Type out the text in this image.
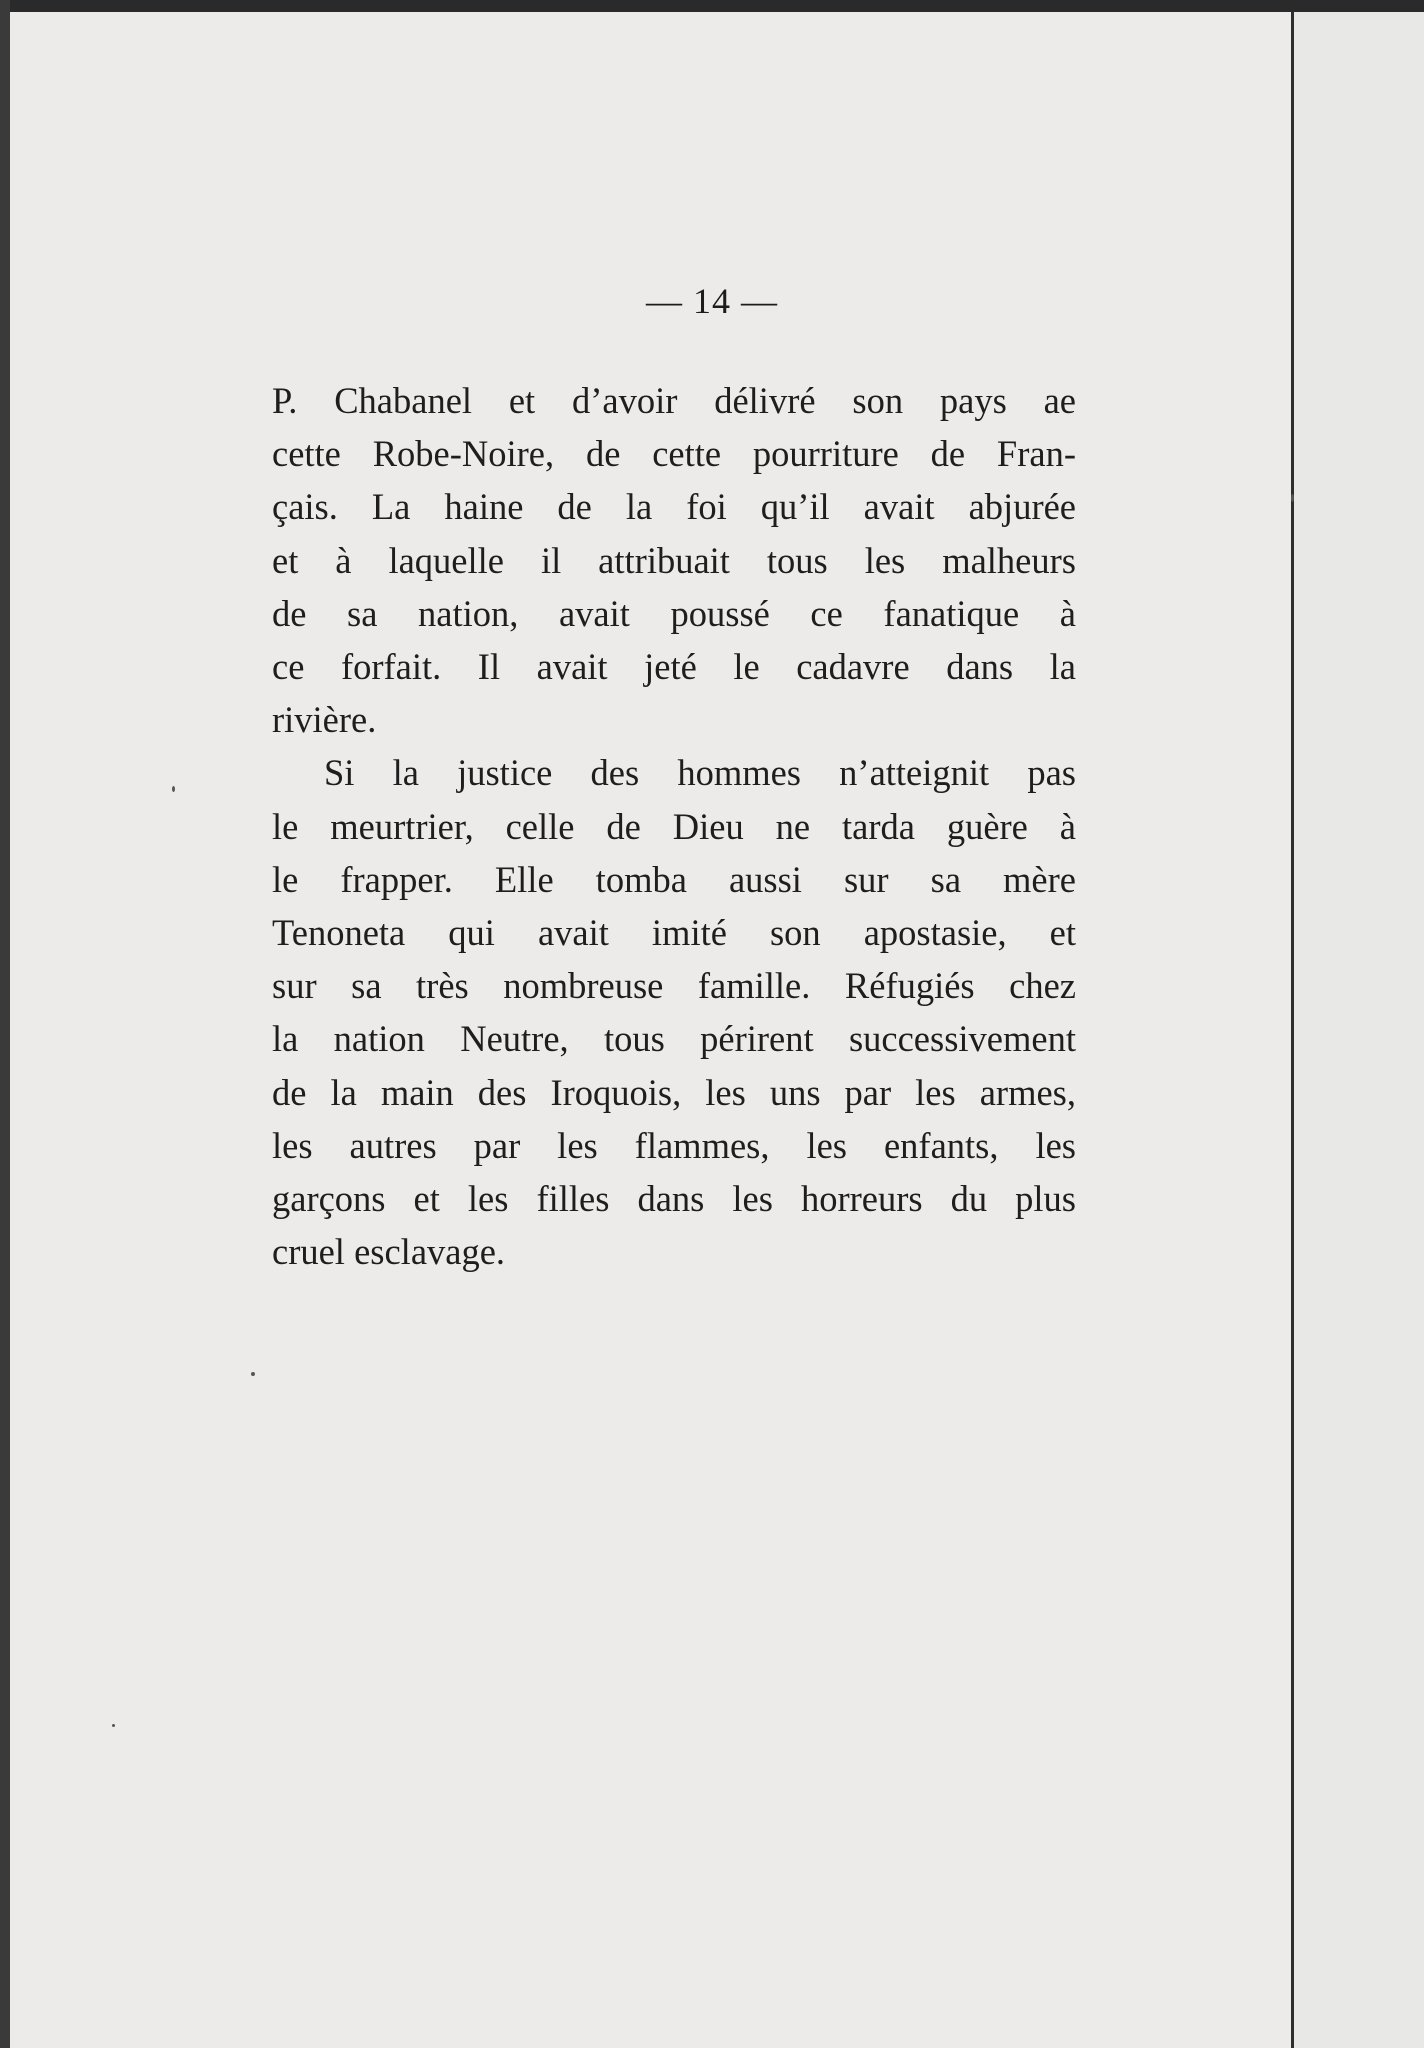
— 14 —

P. Chabanel et d’avoir délivré son pays ae
cette Robe-Noire, de cette pourriture de Fran-
çais. La haine de la foi qu’il avait abjurée
et à laquelle il attribuait tous les malheurs
de sa nation, avait poussé ce fanatique à
ce forfait. Il avait jeté le cadavre dans la
rivière.

Si la justice des hommes n’atteignit pas
le meurtrier, celle de Dieu ne tarda guère à
le frapper. Elle tomba aussi sur sa mère
Tenoneta qui avait imité son apostasie, et
sur sa très nombreuse famille. Réfugiés chez
la nation Neutre, tous périrent successivement
de la main des Iroquois, les uns par les armes,
les autres par les flammes, les enfants, les
garçons et les filles dans les horreurs du plus
cruel esclavage.
